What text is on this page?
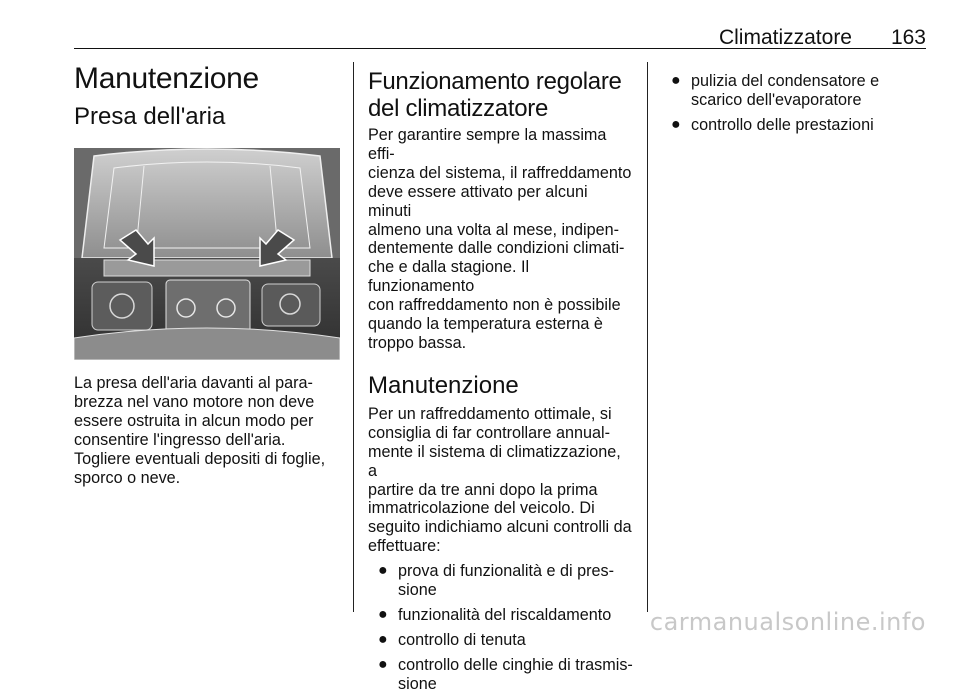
Climatizzatore 163
Manutenzione
Presa dell'aria

La presa dell'aria davanti al para-
brezza nel vano motore non deve
essere ostruita in alcun modo per
consentire l'ingresso dell'aria.
Togliere eventuali depositi di foglie,
sporco o neve.

Funzionamento regolare del climatizzatore

Per garantire sempre la massima effi-
cienza del sistema, il raffreddamento
deve essere attivato per alcuni minuti
almeno una volta al mese, indipen-
dentemente dalle condizioni climati-
che e dalla stagione. Il funzionamento
con raffreddamento non è possibile
quando la temperatura esterna è
troppo bassa.

Manutenzione

Per un raffreddamento ottimale, si
consiglia di far controllare annual-
mente il sistema di climatizzazione, a
partire da tre anni dopo la prima
immatricolazione del veicolo. Di
seguito indichiamo alcuni controlli da
effettuare:

● prova di funzionalità e di pres-
sione
● funzionalità del riscaldamento
● controllo di tenuta
● controllo delle cinghie di trasmis-
sione
● pulizia del condensatore e
scarico dell'evaporatore
● controllo delle prestazioni
carmanualsonline.info
